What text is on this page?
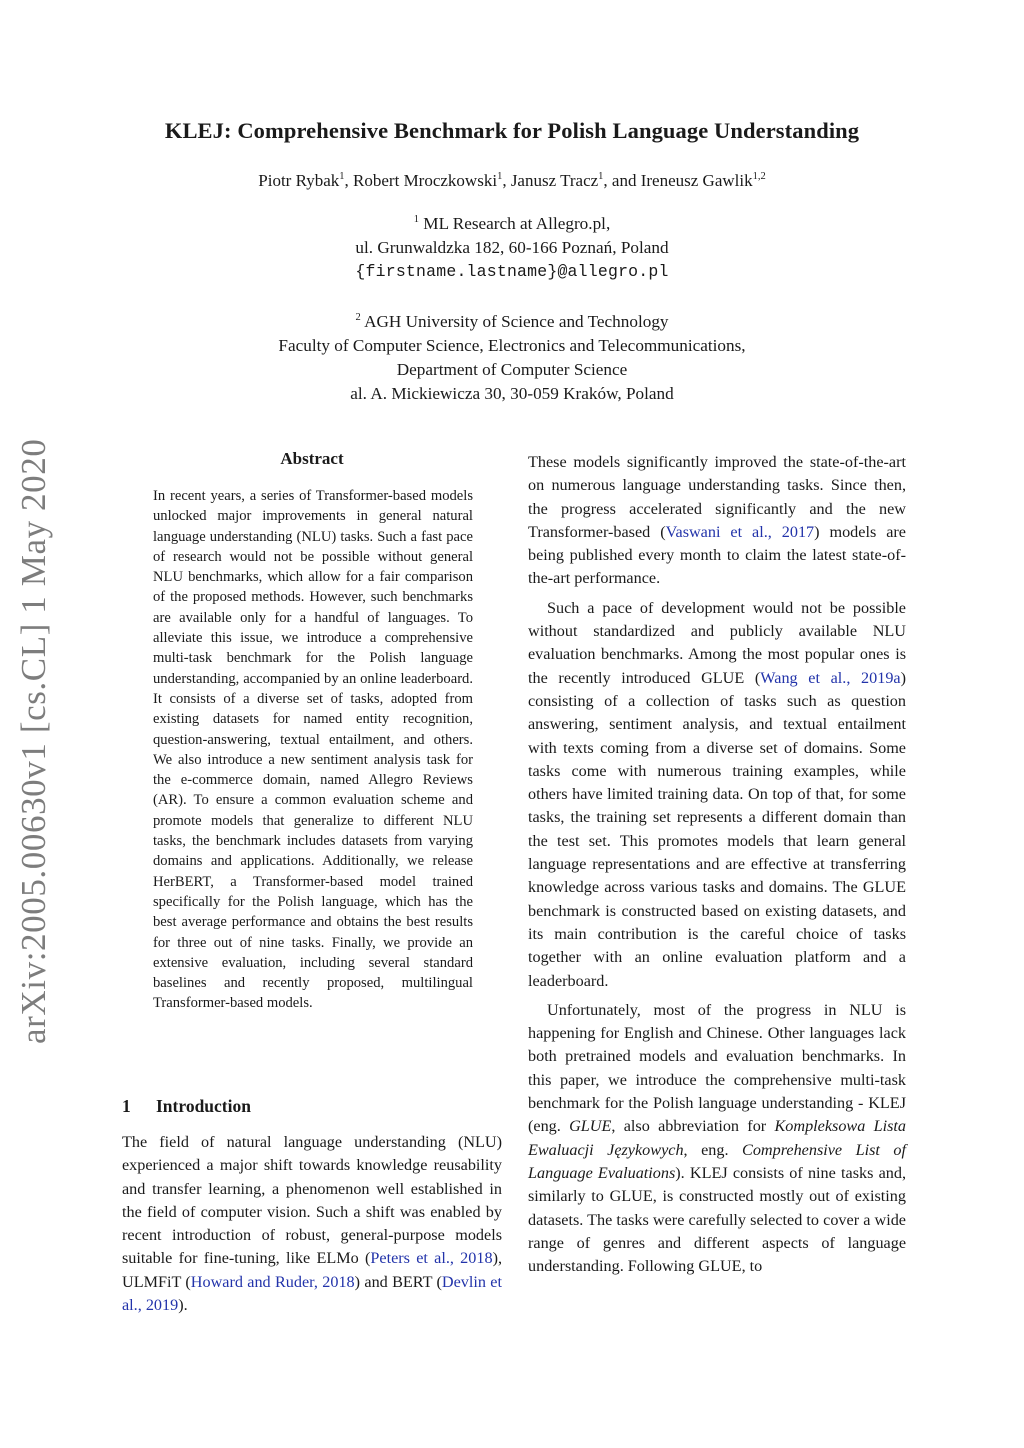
KLEJ: Comprehensive Benchmark for Polish Language Understanding
Piotr Rybak$^1$, Robert Mroczkowski$^1$, Janusz Tracz$^1$, and Ireneusz Gawlik$^{1,2}$
$^1$ ML Research at Allegro.pl,
ul. Grunwaldzka 182, 60-166 Poznań, Poland
{firstname.lastname}@allegro.pl
$^2$ AGH University of Science and Technology
Faculty of Computer Science, Electronics and Telecommunications,
Department of Computer Science
al. A. Mickiewicza 30, 30-059 Kraków, Poland
arXiv:2005.00630v1 [cs.CL] 1 May 2020	Abstract
In recent years, a series of Transformer-based models unlocked major improvements in general natural language understanding (NLU) tasks. Such a fast pace of research would not be possible without general NLU benchmarks, which allow for a fair comparison of the proposed methods. However, such benchmarks are available only for a handful of languages. To alleviate this issue, we introduce a comprehensive multi-task benchmark for the Polish language understanding, accompanied by an online leaderboard. It consists of a diverse set of tasks, adopted from existing datasets for named entity recognition, question-answering, textual entailment, and others. We also introduce a new sentiment analysis task for the e-commerce domain, named Allegro Reviews (AR). To ensure a common evaluation scheme and promote models that generalize to different NLU tasks, the benchmark includes datasets from varying domains and applications. Additionally, we release HerBERT, a Transformer-based model trained specifically for the Polish language, which has the best average performance and obtains the best results for three out of nine tasks. Finally, we provide an extensive evaluation, including several standard baselines and recently proposed, multilingual Transformer-based models.
1 Introduction
The field of natural language understanding (NLU) experienced a major shift towards knowledge reusability and transfer learning, a phenomenon well established in the field of computer vision. Such a shift was enabled by recent introduction of robust, general-purpose models suitable for fine-tuning, like ELMo (Peters et al., 2018), ULMFiT (Howard and Ruder, 2018) and BERT (Devlin et al., 2019).

These models significantly improved the state-of-the-art on numerous language understanding tasks. Since then, the progress accelerated significantly and the new Transformer-based (Vaswani et al., 2017) models are being published every month to claim the latest state-of-the-art performance.

Such a pace of development would not be possible without standardized and publicly available NLU evaluation benchmarks. Among the most popular ones is the recently introduced GLUE (Wang et al., 2019a) consisting of a collection of tasks such as question answering, sentiment analysis, and textual entailment with texts coming from a diverse set of domains. Some tasks come with numerous training examples, while others have limited training data. On top of that, for some tasks, the training set represents a different domain than the test set. This promotes models that learn general language representations and are effective at transferring knowledge across various tasks and domains. The GLUE benchmark is constructed based on existing datasets, and its main contribution is the careful choice of tasks together with an online evaluation platform and a leaderboard.

Unfortunately, most of the progress in NLU is happening for English and Chinese. Other languages lack both pretrained models and evaluation benchmarks. In this paper, we introduce the comprehensive multi-task benchmark for the Polish language understanding - KLEJ (eng. GLUE, also abbreviation for Kompleksowa Lista Ewaluacji Językowych, eng. Comprehensive List of Language Evaluations). KLEJ consists of nine tasks and, similarly to GLUE, is constructed mostly out of existing datasets. The tasks were carefully selected to cover a wide range of genres and different aspects of language understanding. Following GLUE, to
